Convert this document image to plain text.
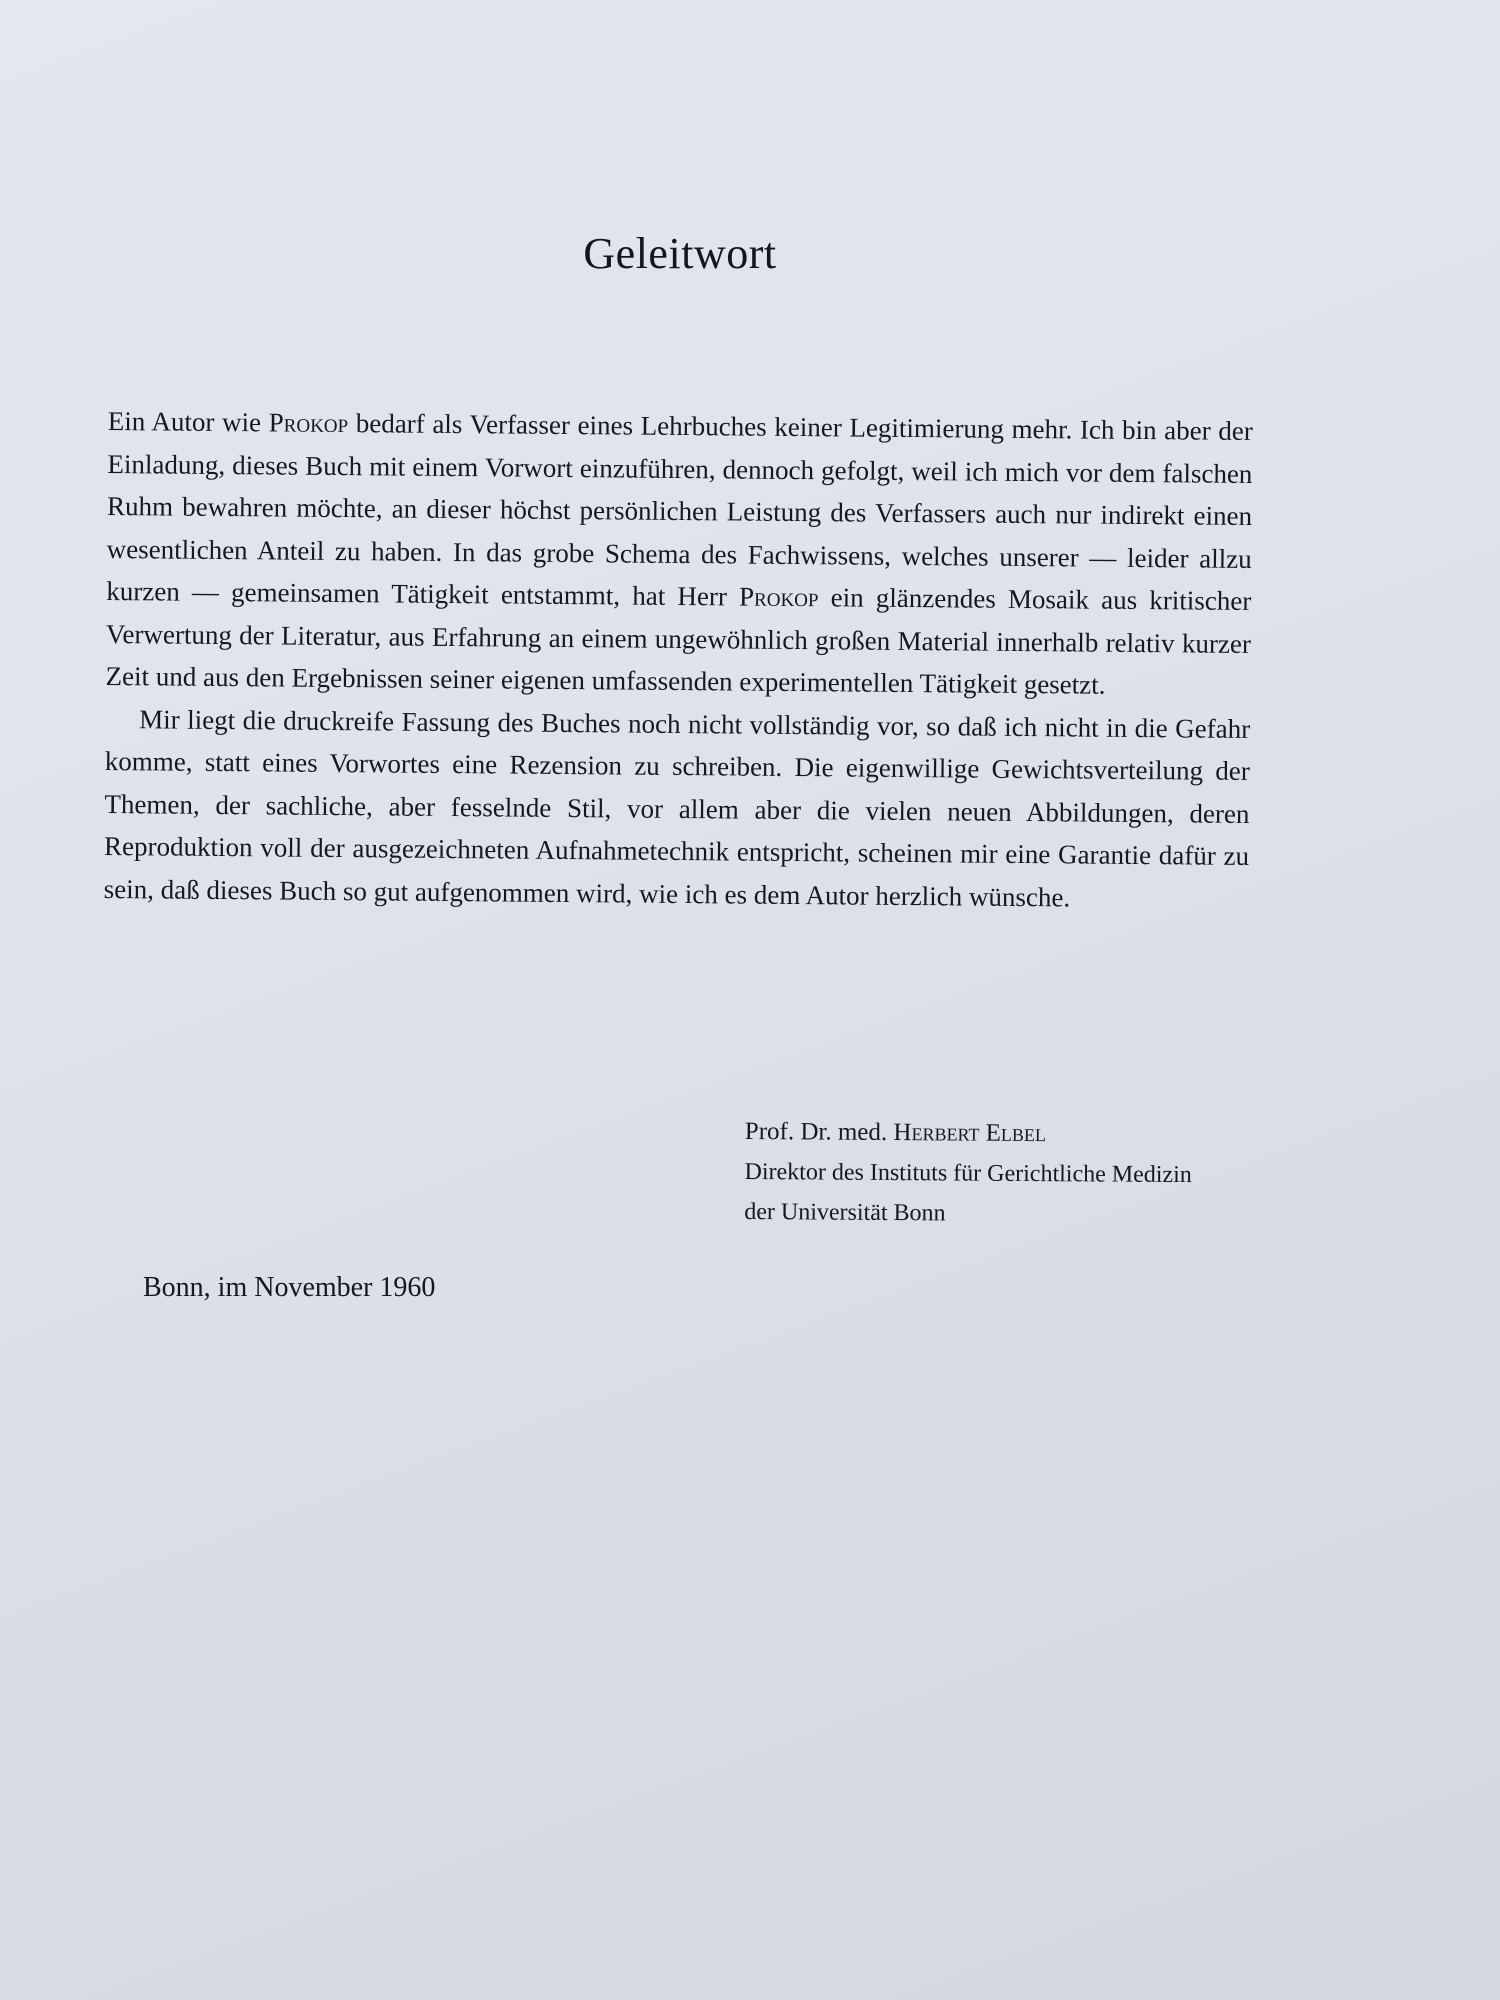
Geleitwort

Ein Autor wie Prokop bedarf als Verfasser eines Lehrbuches keiner Legitimierung mehr. Ich bin aber der Einladung, dieses Buch mit einem Vorwort einzuführen, dennoch gefolgt, weil ich mich vor dem falschen Ruhm bewahren möchte, an dieser höchst persönlichen Leistung des Verfassers auch nur indirekt einen wesentlichen Anteil zu haben. In das grobe Schema des Fachwissens, welches unserer — leider allzu kurzen — gemeinsamen Tätigkeit entstammt, hat Herr Prokop ein glänzendes Mosaik aus kritischer Verwertung der Literatur, aus Erfahrung an einem ungewöhnlich großen Material innerhalb relativ kurzer Zeit und aus den Ergebnissen seiner eigenen umfassenden experimentellen Tätigkeit gesetzt.

Mir liegt die druckreife Fassung des Buches noch nicht vollständig vor, so daß ich nicht in die Gefahr komme, statt eines Vorwortes eine Rezension zu schreiben. Die eigenwillige Gewichtsverteilung der Themen, der sachliche, aber fesselnde Stil, vor allem aber die vielen neuen Abbildungen, deren Reproduktion voll der ausgezeichneten Aufnahmetechnik entspricht, scheinen mir eine Garantie dafür zu sein, daß dieses Buch so gut aufgenommen wird, wie ich es dem Autor herzlich wünsche.

Prof. Dr. med. Herbert Elbel
Direktor des Instituts für Gerichtliche Medizin
der Universität Bonn
Bonn, im November 1960
